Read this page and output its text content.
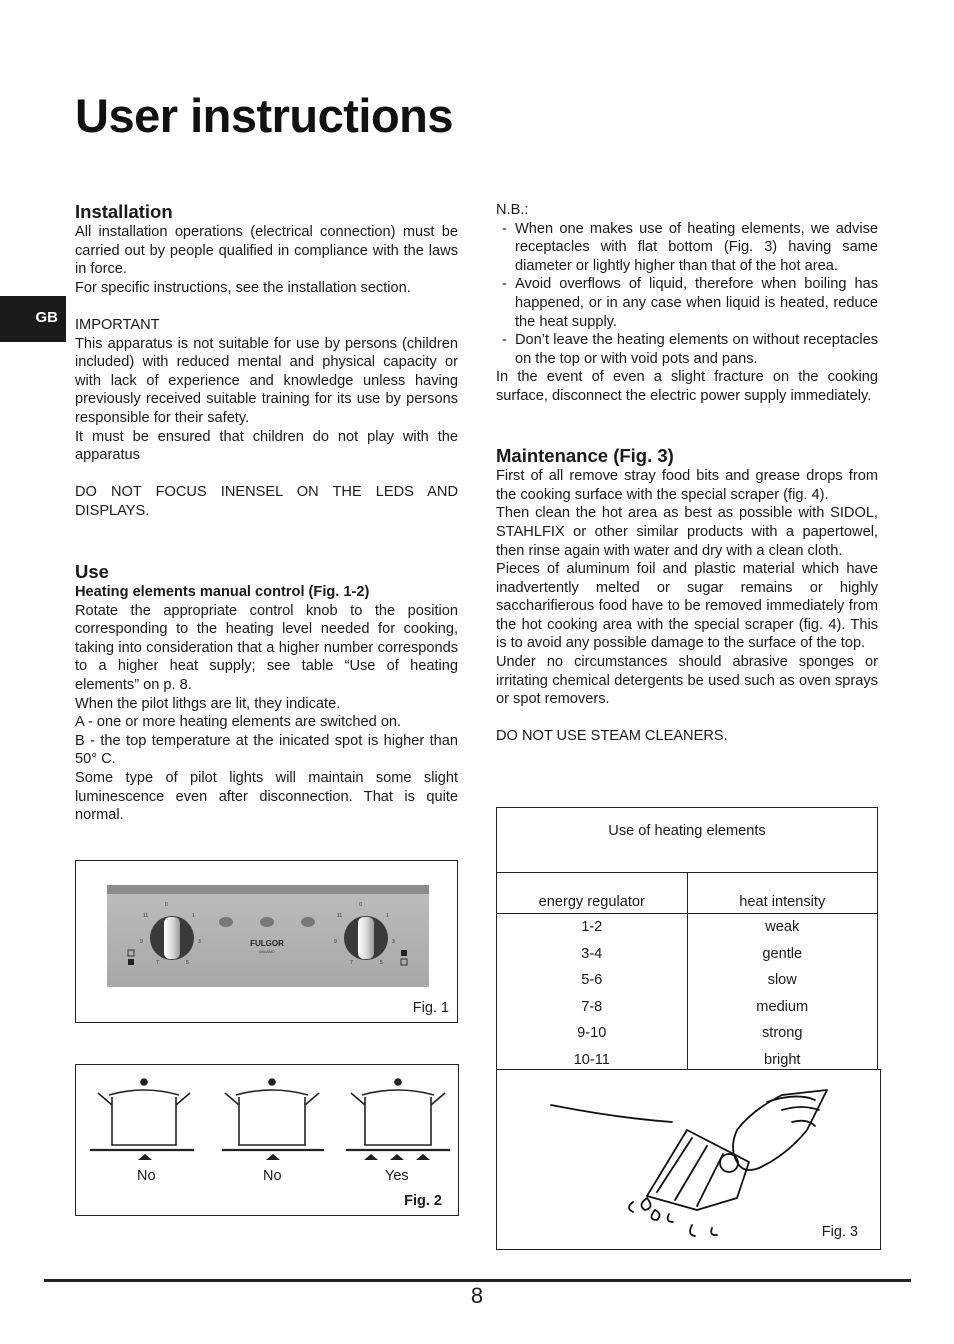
User instructions
GB
Installation

All installation operations (electrical connection) must be carried out by people qualified in compliance with the laws in force.

For specific instructions, see the installation section.

IMPORTANT

This apparatus is not suitable for use by persons (children included) with reduced mental and physical capacity or with lack of experience and knowledge unless having previously received suitable training for its use by persons responsible for their safety.

It must be ensured that children do not play with the apparatus

DO NOT FOCUS INENSEL ON THE LEDS AND DISPLAYS.

Use
Heating elements manual control (Fig. 1-2)

Rotate the appropriate control knob to the position corresponding to the heating level needed for cooking, taking into consideration that a higher number corresponds to a higher heat supply; see table “Use of heating elements” on p. 8.

When the pilot lithgs are lit, they indicate.

A - one or more heating elements are switched on.

B - the top temperature at the inicated spot is higher than 50° C.

Some type of pilot lights will maintain some slight luminescence even after disconnection. That is quite normal.

0
1
3
5
7
9
11
0
1
3
5
7
9
11
FULGOR
MILANO
Fig. 1
No	No	Yes
Fig. 2

N.B.:

- When one makes use of heating elements, we advise receptacles with flat bottom (Fig. 3) having same diameter or lightly higher than that of the hot area.
- Avoid overflows of liquid, therefore when boiling has happened, or in any case when liquid is heated, reduce the heat supply.
- Don’t leave the heating elements on without receptacles on the top or with void pots and pans.

In the event of even a slight fracture on the cooking surface, disconnect the electric power supply immediately.

Maintenance (Fig. 3)

First of all remove stray food bits and grease drops from the cooking surface with the special scraper (fig. 4).

Then clean the hot area as best as possible with SIDOL, STAHLFIX or other similar products with a papertowel, then rinse again with water and dry with a clean cloth.

Pieces of aluminum foil and plastic material which have inadvertently melted or sugar remains or highly saccharifierous food have to be removed immediately from the hot cooking area with the special scraper (fig. 4). This is to avoid any possible damage to the surface of the top.

Under no circumstances should abrasive sponges or irritating chemical detergents be used such as oven sprays or spot removers.

DO NOT USE STEAM CLEANERS.

Use of heating elements	
energy regulator	heat intensity
1-2	weak
3-4	gentle
5-6	slow
7-8	medium
9-10	strong
10-11	bright
Fig. 3
8
